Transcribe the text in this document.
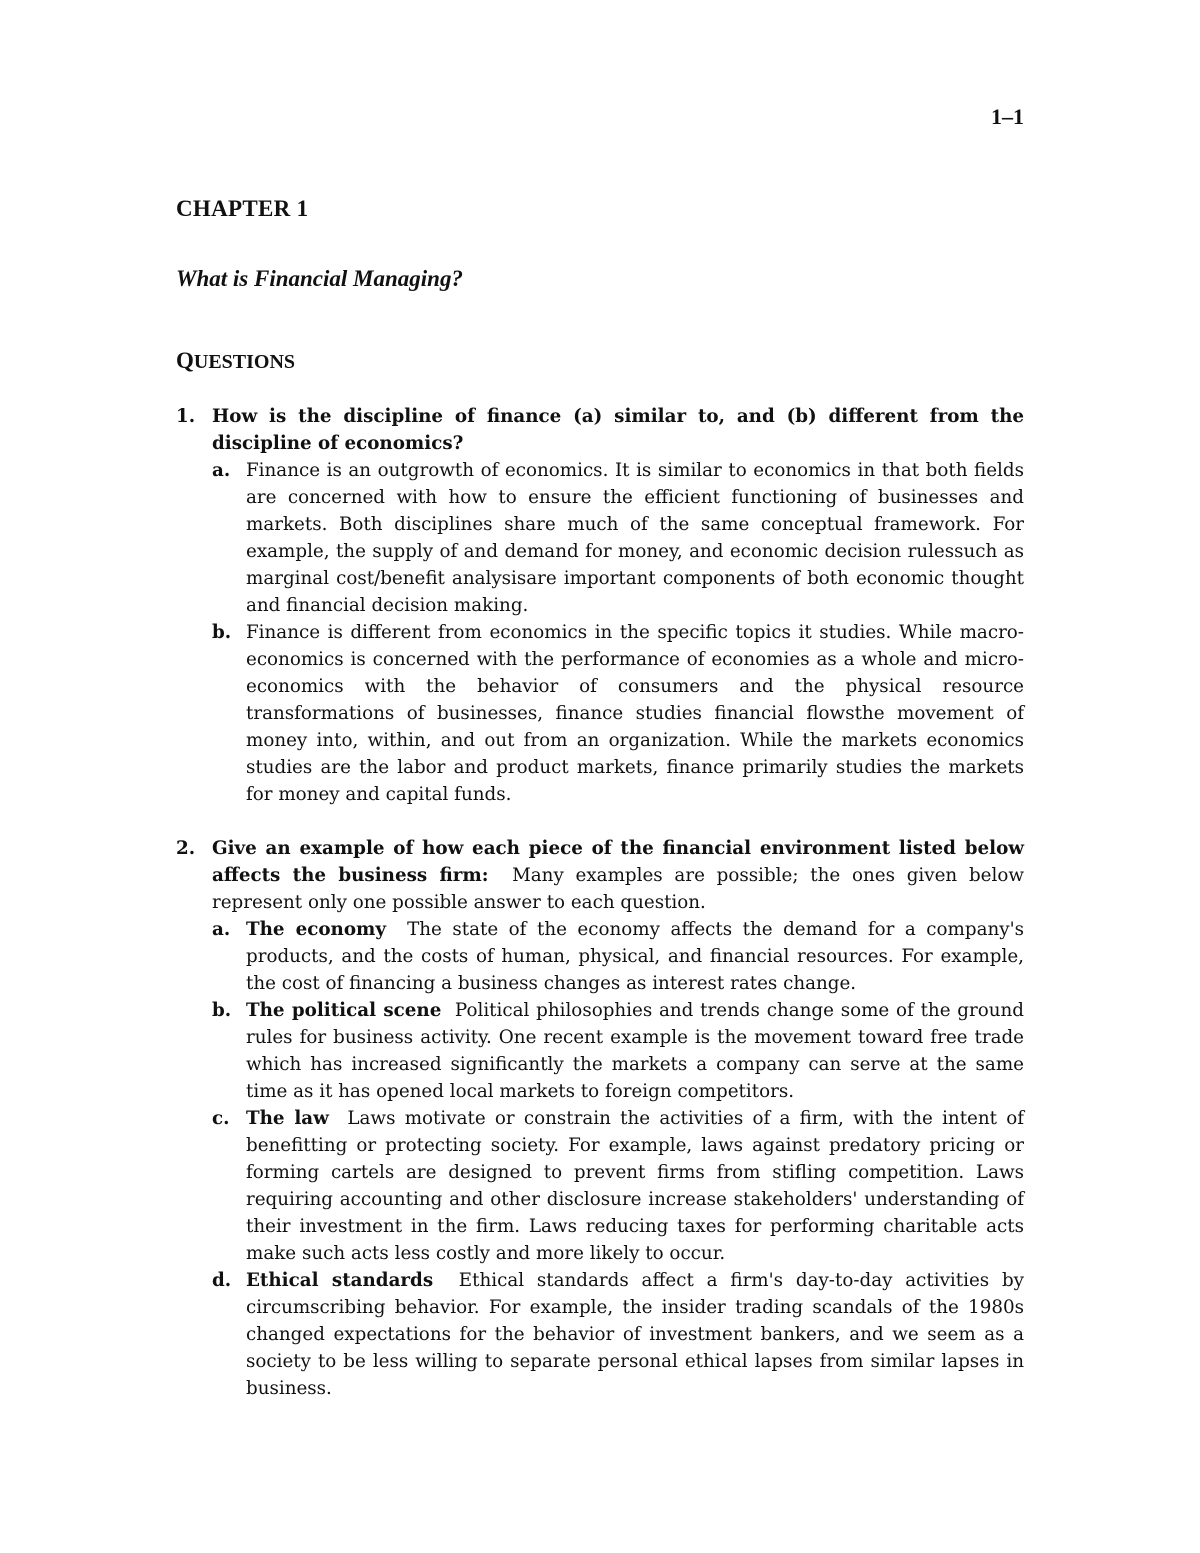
1–1
CHAPTER 1
What is Financial Managing?
QUESTIONS
1. How is the discipline of finance (a) similar to, and (b) different from the discipline of economics?
a. Finance is an outgrowth of economics. It is similar to economics in that both fields are concerned with how to ensure the efficient functioning of businesses and markets. Both disciplines share much of the same conceptual framework. For example, the supply of and demand for money, and economic decision rulessuch as marginal cost/benefit analysisare important components of both economic thought and financial decision making.
b. Finance is different from economics in the specific topics it studies. While macro-economics is concerned with the performance of economies as a whole and micro-economics with the behavior of consumers and the physical resource transformations of businesses, finance studies financial flowsthe movement of money into, within, and out from an organization. While the markets economics studies are the labor and product markets, finance primarily studies the markets for money and capital funds.
2. Give an example of how each piece of the financial environment listed below affects the business firm: Many examples are possible; the ones given below represent only one possible answer to each question.
a. The economy The state of the economy affects the demand for a company's products, and the costs of human, physical, and financial resources. For example, the cost of financing a business changes as interest rates change.
b. The political scene Political philosophies and trends change some of the ground rules for business activity. One recent example is the movement toward free trade which has increased significantly the markets a company can serve at the same time as it has opened local markets to foreign competitors.
c. The law Laws motivate or constrain the activities of a firm, with the intent of benefitting or protecting society. For example, laws against predatory pricing or forming cartels are designed to prevent firms from stifling competition. Laws requiring accounting and other disclosure increase stakeholders' understanding of their investment in the firm. Laws reducing taxes for performing charitable acts make such acts less costly and more likely to occur.
d. Ethical standards Ethical standards affect a firm's day-to-day activities by circumscribing behavior. For example, the insider trading scandals of the 1980s changed expectations for the behavior of investment bankers, and we seem as a society to be less willing to separate personal ethical lapses from similar lapses in business.
